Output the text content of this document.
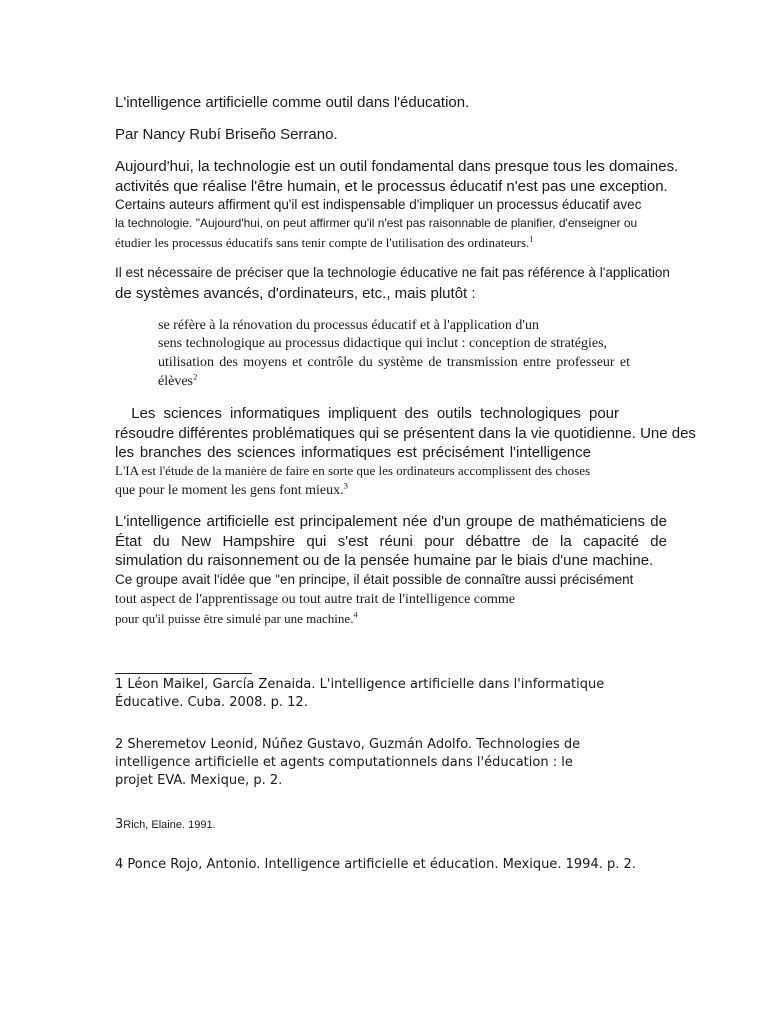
L'intelligence artificielle comme outil dans l'éducation.
Par Nancy Rubí Briseño Serrano.
Aujourd'hui, la technologie est un outil fondamental dans presque tous les domaines.
activités que réalise l'être humain, et le processus éducatif n'est pas une exception.
Certains auteurs affirment qu'il est indispensable d'impliquer un processus éducatif avec
la technologie. "Aujourd'hui, on peut affirmer qu'il n'est pas raisonnable de planifier, d'enseigner ou
étudier les processus éducatifs sans tenir compte de l'utilisation des ordinateurs.$^1$
Il est nécessaire de préciser que la technologie éducative ne fait pas référence à l'application
de systèmes avancés, d'ordinateurs, etc., mais plutôt :
se réfère à la rénovation du processus éducatif et à l'application d'un
sens technologique au processus didactique qui inclut : conception de stratégies,
utilisation des moyens et contrôle du système de transmission entre professeur et
élèves$^2$
Les sciences informatiques impliquent des outils technologiques pour
résoudre différentes problématiques qui se présentent dans la vie quotidienne. Une des
les branches des sciences informatiques est précisément l'intelligence
L'IA est l'étude de la manière de faire en sorte que les ordinateurs accomplissent des choses
que pour le moment les gens font mieux.$^3$
L'intelligence artificielle est principalement née d'un groupe de mathématiciens de
État du New Hampshire qui s'est réuni pour débattre de la capacité de
simulation du raisonnement ou de la pensée humaine par le biais d'une machine.
Ce groupe avait l'idée que "en principe, il était possible de connaître aussi précisément
tout aspect de l'apprentissage ou tout autre trait de l'intelligence comme
pour qu'il puisse être simulé par une machine.$^4$
1 Léon Maikel, García Zenaida. L'intelligence artificielle dans l'informatique
Éducative. Cuba. 2008. p. 12.
2 Sheremetov Leonid, Núñez Gustavo, Guzmán Adolfo. Technologies de
intelligence artificielle et agents computationnels dans l'éducation : le
projet EVA. Mexique, p. 2.
3Rich, Elaine. 1991.
4 Ponce Rojo, Antonio. Intelligence artificielle et éducation. Mexique. 1994. p. 2.
